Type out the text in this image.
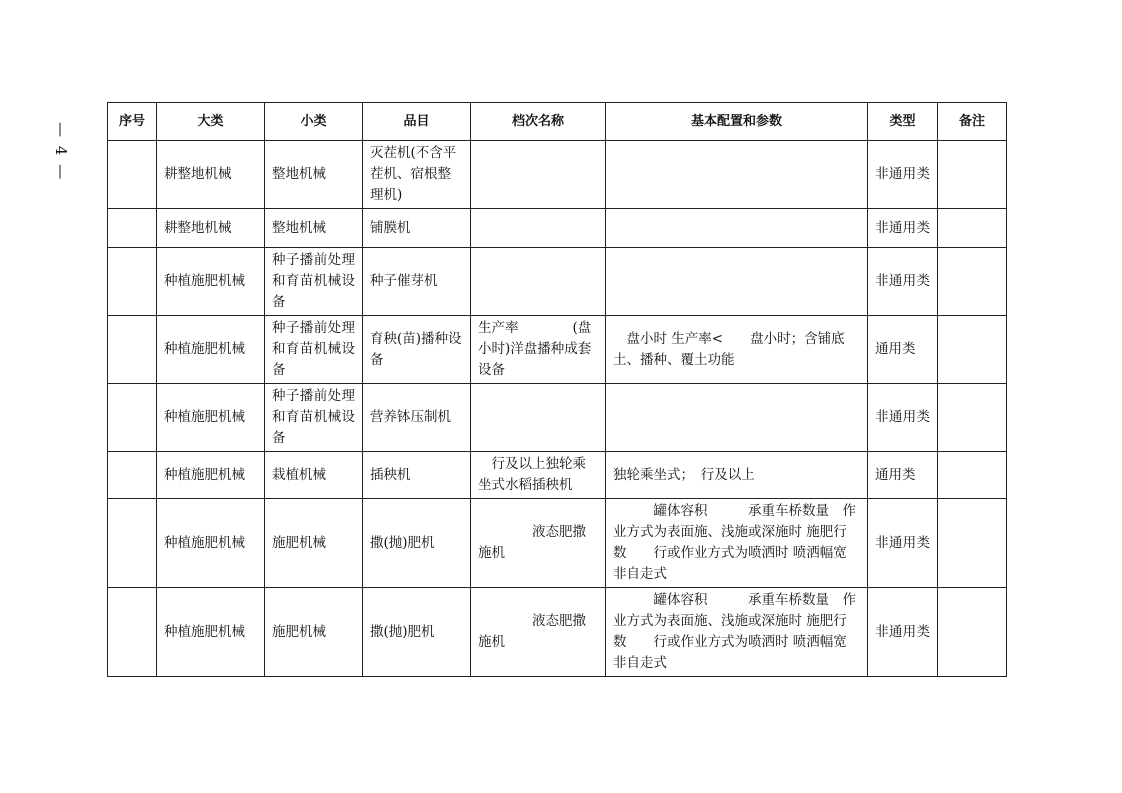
— 4 —
序号	大类	小类	品目	档次名称	基本配置和参数	类型	备注
	耕整地机械	整地机械	灭茬机(不含平茬机、宿根整理机)			非通用类	
	耕整地机械	整地机械	铺膜机			非通用类	
	种植施肥机械	种子播前处理和育苗机械设备	种子催芽机			非通用类	
	种植施肥机械	种子播前处理和育苗机械设备	育秧(苗)播种设备	生产率　　　　(盘小时)洋盘播种成套设备	　盘小时 生产率<　　盘小时；含铺底土、播种、覆土功能	通用类	
	种植施肥机械	种子播前处理和育苗机械设备	营养钵压制机			非通用类	
	种植施肥机械	栽植机械	插秧机	　行及以上独轮乘坐式水稻插秧机	独轮乘坐式；　行及以上	通用类	
	种植施肥机械	施肥机械	撒(抛)肥机	　　　　液态肥撒施机	　　　罐体容积　　　承重车桥数量　作业方式为表面施、浅施或深施时 施肥行数　　行或作业方式为喷洒时 喷洒幅宽　　非自走式	非通用类	
	种植施肥机械	施肥机械	撒(抛)肥机	　　　　液态肥撒施机	　　　罐体容积　　　承重车桥数量　作业方式为表面施、浅施或深施时 施肥行数　　行或作业方式为喷洒时 喷洒幅宽　　非自走式	非通用类	
